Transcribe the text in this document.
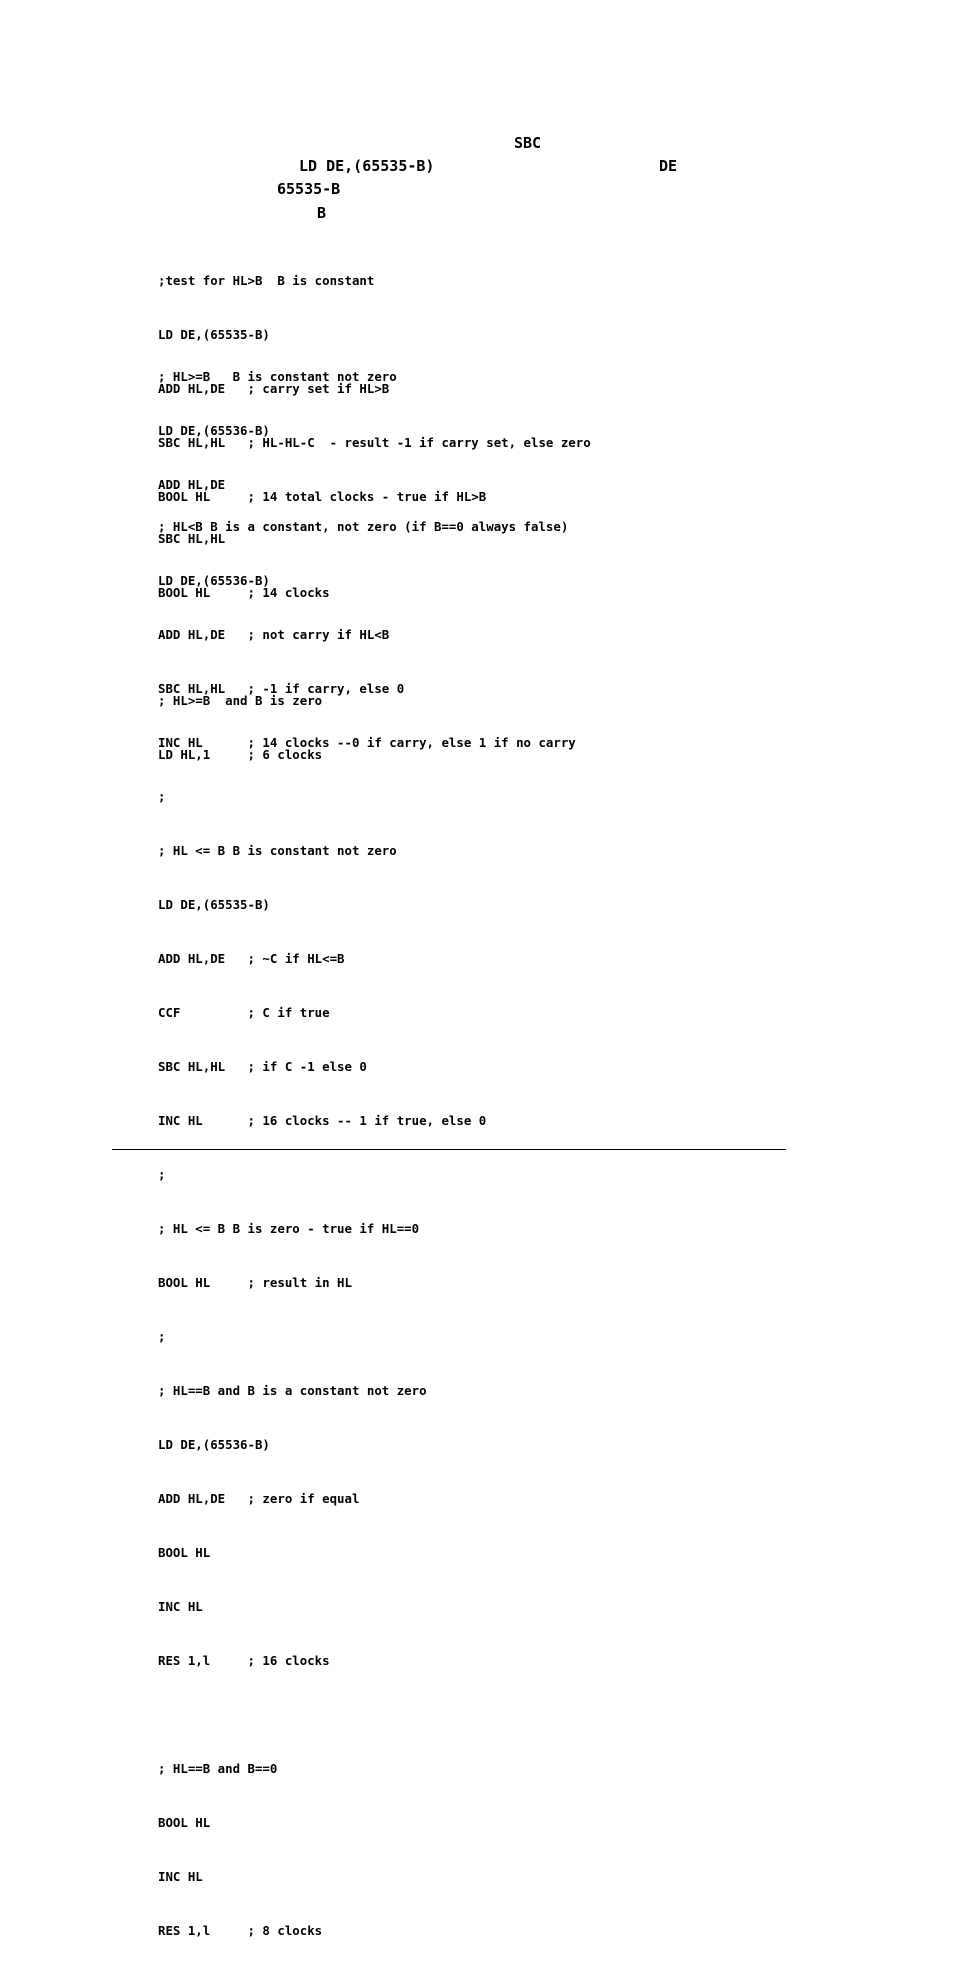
SBC
LD DE,(65535-B)	DE
65535-B
B

;test for HL>B  B is constant

LD DE,(65535-B)

ADD HL,DE   ; carry set if HL>B

SBC HL,HL   ; HL-HL-C  - result -1 if carry set, else zero

BOOL HL     ; 14 total clocks - true if HL>B

; HL>=B   B is constant not zero

LD DE,(65536-B)

ADD HL,DE

SBC HL,HL

BOOL HL     ; 14 clocks

; HL>=B  and B is zero

LD HL,1     ; 6 clocks

; HL<B B is a constant, not zero (if B==0 always false)

LD DE,(65536-B)

ADD HL,DE   ; not carry if HL<B

SBC HL,HL   ; -1 if carry, else 0

INC HL      ; 14 clocks --0 if carry, else 1 if no carry

;

; HL <= B B is constant not zero

LD DE,(65535-B)

ADD HL,DE   ; ~C if HL<=B

CCF         ; C if true

SBC HL,HL   ; if C -1 else 0

INC HL      ; 16 clocks -- 1 if true, else 0

;

; HL <= B B is zero - true if HL==0

BOOL HL     ; result in HL

;

; HL==B and B is a constant not zero

LD DE,(65536-B)

ADD HL,DE   ; zero if equal

BOOL HL

INC HL

RES 1,l     ; 16 clocks

; HL==B and B==0

BOOL HL

INC HL

RES 1,l     ; 8 clocks
